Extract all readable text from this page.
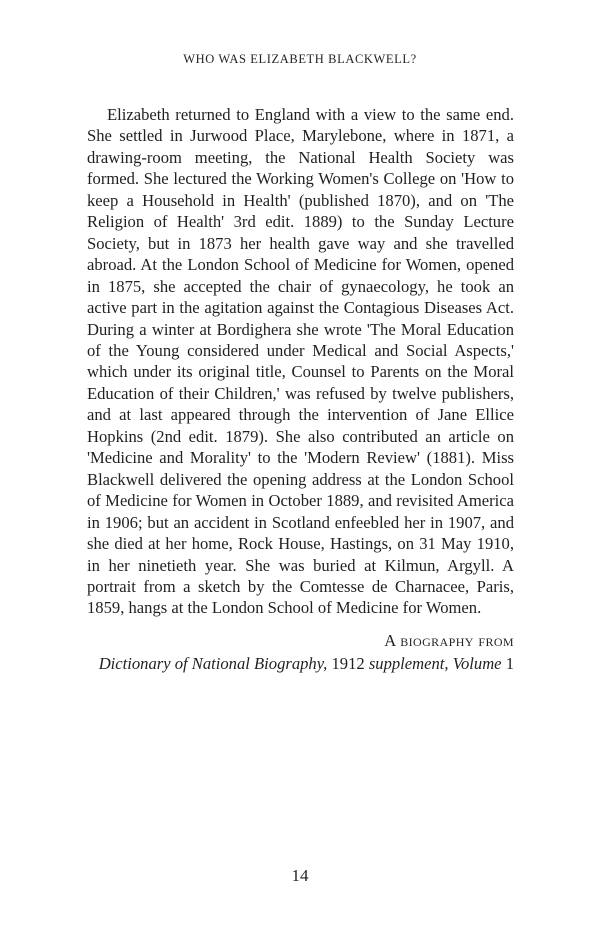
WHO WAS ELIZABETH BLACKWELL?

Elizabeth returned to England with a view to the same end. She settled in Jurwood Place, Marylebone, where in 1871, a drawing-room meeting, the National Health Society was formed. She lectured the Working Women's College on 'How to keep a Household in Health' (published 1870), and on 'The Religion of Health' 3rd edit. 1889) to the Sunday Lecture Society, but in 1873 her health gave way and she travelled abroad. At the London School of Medicine for Women, opened in 1875, she accepted the chair of gynaecology, he took an active part in the agitation against the Contagious Diseases Act. During a winter at Bordighera she wrote 'The Moral Education of the Young considered under Medical and Social Aspects,' which under its original title, Counsel to Parents on the Moral Education of their Children,' was refused by twelve publishers, and at last appeared through the intervention of Jane Ellice Hopkins (2nd edit. 1879). She also contributed an article on 'Medicine and Morality' to the 'Modern Review' (1881). Miss Blackwell delivered the opening address at the London School of Medicine for Women in October 1889, and revisited America in 1906; but an accident in Scotland enfeebled her in 1907, and she died at her home, Rock House, Hastings, on 31 May 1910, in her ninetieth year. She was buried at Kilmun, Argyll. A portrait from a sketch by the Comtesse de Charnacee, Paris, 1859, hangs at the London School of Medicine for Women.

A biography from
Dictionary of National Biography, 1912 supplement, Volume 1
14
